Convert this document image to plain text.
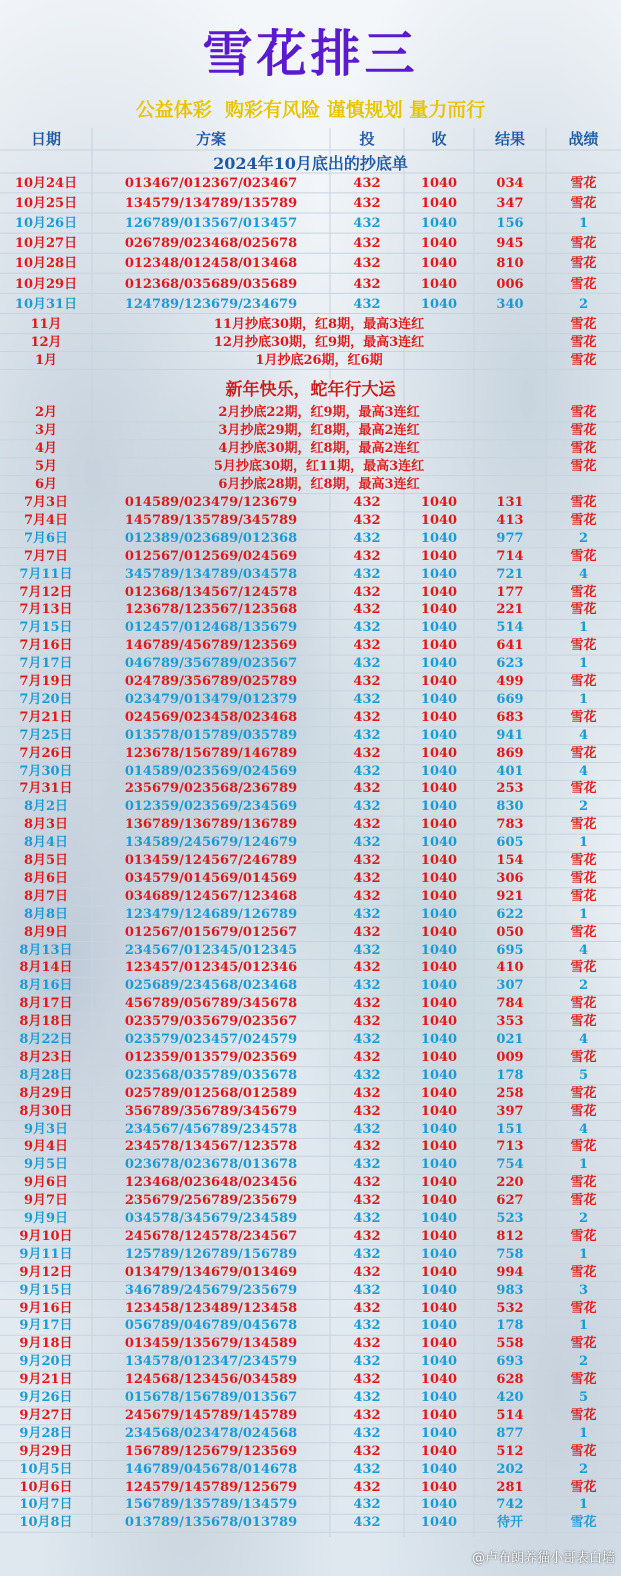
雪花排三
公益体彩  购彩有风险 谨慎规划 量力而行
日期	方案	投	收	结果	战绩
2024年10月底出的抄底单
新年快乐，蛇年行大运
10月24日	013467/012367/023467	432	1040	034	雪花
10月25日	134579/134789/135789	432	1040	347	雪花
10月26日	126789/013567/013457	432	1040	156	1
10月27日	026789/023468/025678	432	1040	945	雪花
10月28日	012348/012458/013468	432	1040	810	雪花
10月29日	012368/035689/035689	432	1040	006	雪花
10月31日	124789/123679/234679	432	1040	340	2
11月	11月抄底30期，红8期，最高3连红	雪花
12月	12月抄底30期，红9期，最高3连红	雪花
1月	1月抄底26期，红6期	雪花
2月	2月抄底22期，红9期，最高3连红	雪花
3月	3月抄底29期，红8期，最高2连红	雪花
4月	4月抄底30期，红8期，最高2连红	雪花
5月	5月抄底30期，红11期，最高3连红	雪花
6月	6月抄底28期，红8期，最高3连红
7月3日	014589/023479/123679	432	1040	131	雪花
7月4日	145789/135789/345789	432	1040	413	雪花
7月6日	012389/023689/012368	432	1040	977	2
7月7日	012567/012569/024569	432	1040	714	雪花
7月11日	345789/134789/034578	432	1040	721	4
7月12日	012368/134567/124578	432	1040	177	雪花
7月13日	123678/123567/123568	432	1040	221	雪花
7月15日	012457/012468/135679	432	1040	514	1
7月16日	146789/456789/123569	432	1040	641	雪花
7月17日	046789/356789/023567	432	1040	623	1
7月19日	024789/356789/025789	432	1040	499	雪花
7月20日	023479/013479/012379	432	1040	669	1
7月21日	024569/023458/023468	432	1040	683	雪花
7月25日	013578/015789/035789	432	1040	941	4
7月26日	123678/156789/146789	432	1040	869	雪花
7月30日	014589/023569/024569	432	1040	401	4
7月31日	235679/023568/236789	432	1040	253	雪花
8月2日	012359/023569/234569	432	1040	830	2
8月3日	136789/136789/136789	432	1040	783	雪花
8月4日	134589/245679/124679	432	1040	605	1
8月5日	013459/124567/246789	432	1040	154	雪花
8月6日	034579/014569/014569	432	1040	306	雪花
8月7日	034689/124567/123468	432	1040	921	雪花
8月8日	123479/124689/126789	432	1040	622	1
8月9日	012567/015679/012567	432	1040	050	雪花
8月13日	234567/012345/012345	432	1040	695	4
8月14日	123457/012345/012346	432	1040	410	雪花
8月16日	025689/234568/023468	432	1040	307	2
8月17日	456789/056789/345678	432	1040	784	雪花
8月18日	023579/035679/023567	432	1040	353	雪花
8月22日	023579/023457/024579	432	1040	021	4
8月23日	012359/013579/023569	432	1040	009	雪花
8月28日	023568/035789/035678	432	1040	178	5
8月29日	025789/012568/012589	432	1040	258	雪花
8月30日	356789/356789/345679	432	1040	397	雪花
9月3日	234567/456789/234578	432	1040	151	4
9月4日	234578/134567/123578	432	1040	713	雪花
9月5日	023678/023678/013678	432	1040	754	1
9月6日	123468/023648/023456	432	1040	220	雪花
9月7日	235679/256789/235679	432	1040	627	雪花
9月9日	034578/345679/234589	432	1040	523	2
9月10日	245678/124578/234567	432	1040	812	雪花
9月11日	125789/126789/156789	432	1040	758	1
9月12日	013479/134679/013469	432	1040	994	雪花
9月15日	346789/245679/235679	432	1040	983	3
9月16日	123458/123489/123458	432	1040	532	雪花
9月17日	056789/046789/045678	432	1040	178	1
9月18日	013459/135679/134589	432	1040	558	雪花
9月20日	134578/012347/234579	432	1040	693	2
9月21日	124568/123456/034589	432	1040	628	雪花
9月26日	015678/156789/013567	432	1040	420	5
9月27日	245679/145789/145789	432	1040	514	雪花
9月28日	234568/023478/024568	432	1040	877	1
9月29日	156789/125679/123569	432	1040	512	雪花
10月5日	146789/045678/014678	432	1040	202	2
10月6日	124579/145789/125679	432	1040	281	雪花
10月7日	156789/135789/134579	432	1040	742	1
10月8日	013789/135678/013789	432	1040	待开	雪花
@卢布朗养猫小哥表白墙
